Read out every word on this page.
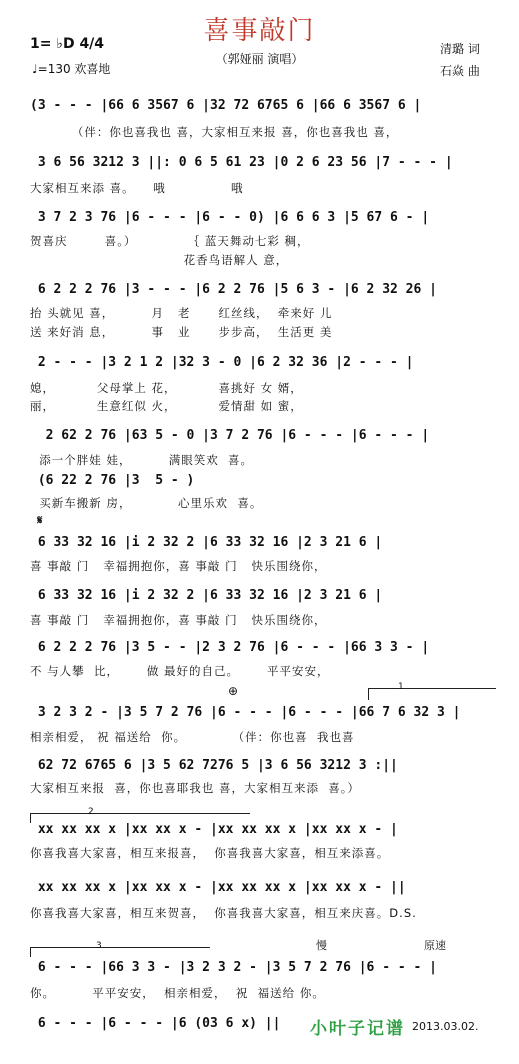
喜事敲门
（郭娅丽 演唱）
1= ♭D 4/4
♩=130 欢喜地
清璐 词
石焱 曲
(3 - - - |66 6 3567 6 |32 72 6765 6 |66 6 3567 6 |
（伴：你也喜我也 喜，大家相互来报 喜，你也喜我也 喜，
3 6 56 3212 3 ||: 0 6 5 61 23 |0 2 6 23 56 |7 - - - |
大家相互来添 喜。    哦              哦
3 7 2 3 76 |6 - - - |6 - - 0) |6 6 6 3 |5 67 6 - |
贺喜庆        喜。）           ｛ 蓝天舞动七彩 稠，
花香鸟语解人 意，
6 2 2 2 76 |3 - - - |6 2 2 76 |5 6 3 - |6 2 32 26 |
抬 头就见 喜，        月   老      红丝线，  牵来好 儿
送 来好消 息，        事   业      步步高，  生活更 美
2 - - - |3 2 1 2 |32 3 - 0 |6 2 32 36 |2 - - - |
媳，         父母掌上 花，         喜挑好 女 婿，
丽，         生意红似 火，         爱情甜 如 蜜，
2 62 2 76 |63 5 - 0 |3 7 2 76 |6 - - - |6 - - - |
添一个胖娃 娃，        满眼笑欢  喜。
(6 22 2 76 |3  5 - )
买新车搬新 房，          心里乐欢  喜。
𝄋
6 33 32 16 |i 2 32 2 |6 33 32 16 |2 3 21 6 |
喜 事敲 门   幸福拥抱你，喜 事敲 门   快乐围绕你，
6 33 32 16 |i 2 32 2 |6 33 32 16 |2 3 21 6 |
喜 事敲 门   幸福拥抱你，喜 事敲 门   快乐围绕你，
6 2 2 2 76 |3 5 - - |2 3 2 76 |6 - - - |66 3 3 - |
不 与人攀  比，      做 最好的自己。      平平安安，
⊕	1
3 2 3 2 - |3 5 7 2 76 |6 - - - |6 - - - |66 7 6 32 3 |
相亲相爱， 祝 福送给  你。          （伴：你也喜  我也喜
62 72 6765 6 |3 5 62 7276 5 |3 6 56 3212 3 :||
大家相互来报  喜，你也喜耶我也 喜，大家相互来添  喜。）
2
xx xx xx x |xx xx x - |xx xx xx x |xx xx x - |
你喜我喜大家喜，相互来报喜，  你喜我喜大家喜，相互来添喜。
xx xx xx x |xx xx x - |xx xx xx x |xx xx x - ||
你喜我喜大家喜，相互来贺喜，  你喜我喜大家喜，相互来庆喜。D.S.
3	慢	原速
6 - - - |66 3 3 - |3 2 3 2 - |3 5 7 2 76 |6 - - - |
你。        平平安安，  相亲相爱，  祝  福送给 你。
6 - - - |6 - - - |6 (03 6 x) ||	小叶子记谱 2013.03.02.
